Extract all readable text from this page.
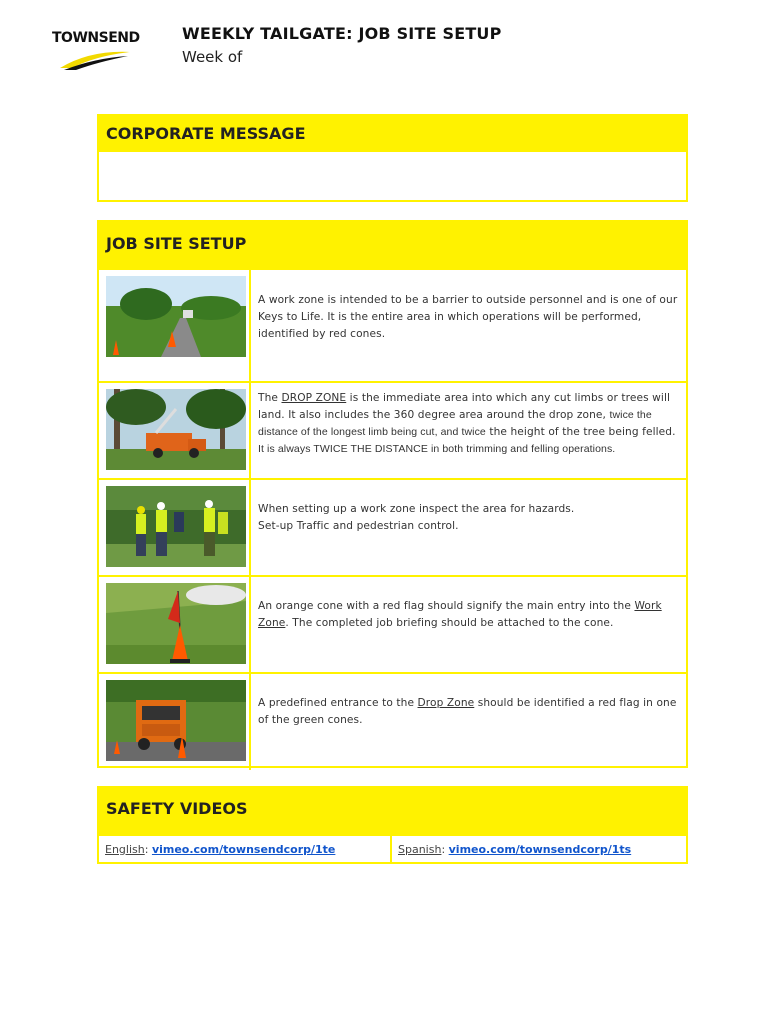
TOWNSEND	WEEKLY TAILGATE: JOB SITE SETUP
Week of
CORPORATE MESSAGE
JOB SITE SETUP
A work zone is intended to be a barrier to outside personnel and is one of our Keys to Life. It is the entire area in which operations will be performed, identified by red cones.
The DROP ZONE is the immediate area into which any cut limbs or trees will land. It also includes the 360 degree area around the drop zone, twice the distance of the longest limb being cut, and twice the height of the tree being felled. It is always TWICE THE DISTANCE in both trimming and felling operations.
When setting up a work zone inspect the area for hazards.
Set-up Traffic and pedestrian control.
An orange cone with a red flag should signify the main entry into the Work Zone. The completed job briefing should be attached to the cone.
A predefined entrance to the Drop Zone should be identified a red flag in one of the green cones.
SAFETY VIDEOS
English: vimeo.com/townsendcorp/1te	Spanish: vimeo.com/townsendcorp/1ts
